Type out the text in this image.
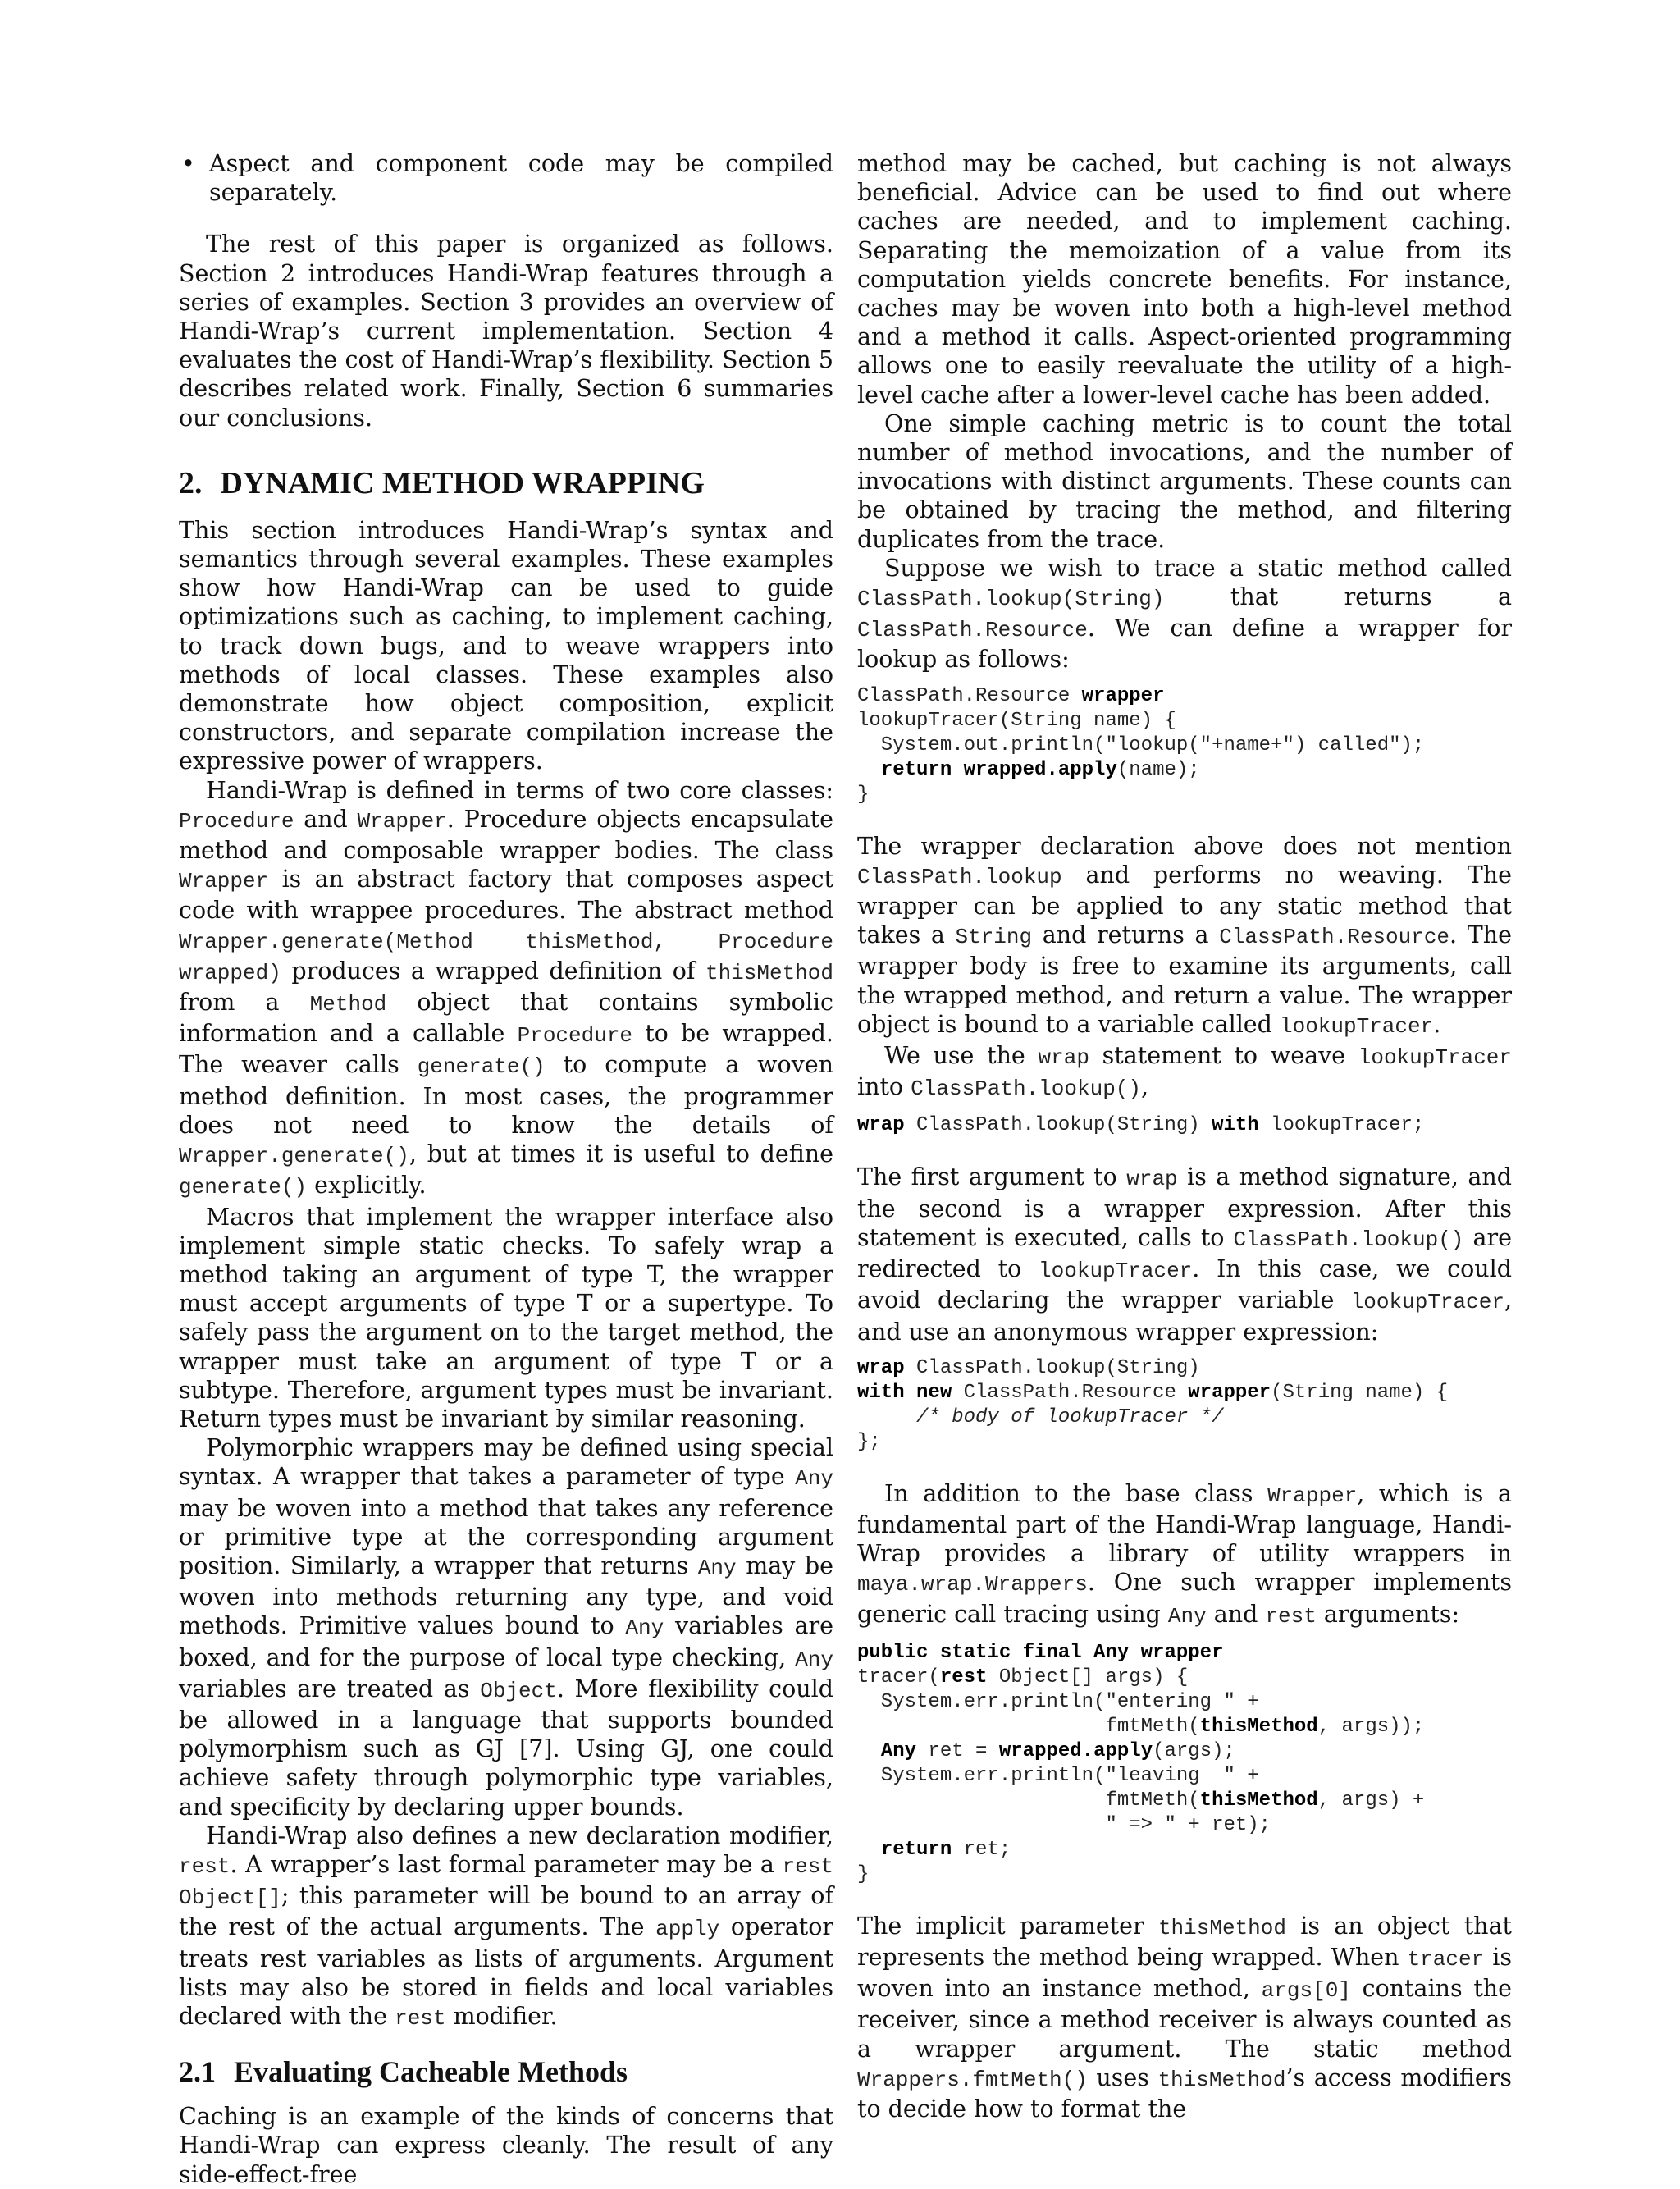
• Aspect and component code may be compiled separately.

The rest of this paper is organized as follows. Section 2 introduces Handi-Wrap features through a series of examples. Section 3 provides an overview of Handi-Wrap’s current implementation. Section 4 evaluates the cost of Handi-Wrap’s flexibility. Section 5 describes related work. Finally, Section 6 summaries our conclusions.

2. DYNAMIC METHOD WRAPPING

This section introduces Handi-Wrap’s syntax and semantics through several examples. These examples show how Handi-Wrap can be used to guide optimizations such as caching, to implement caching, to track down bugs, and to weave wrappers into methods of local classes. These examples also demonstrate how object composition, explicit constructors, and separate compilation increase the expressive power of wrappers.

Handi-Wrap is defined in terms of two core classes: Procedure and Wrapper. Procedure objects encapsulate method and composable wrapper bodies. The class Wrapper is an abstract factory that composes aspect code with wrappee procedures. The abstract method Wrapper.generate(Method thisMethod, Procedure wrapped) produces a wrapped definition of thisMethod from a Method object that contains symbolic information and a callable Procedure to be wrapped. The weaver calls generate() to compute a woven method definition. In most cases, the programmer does not need to know the details of Wrapper.generate(), but at times it is useful to define generate() explicitly.

Macros that implement the wrapper interface also implement simple static checks. To safely wrap a method taking an argument of type T, the wrapper must accept arguments of type T or a supertype. To safely pass the argument on to the target method, the wrapper must take an argument of type T or a subtype. Therefore, argument types must be invariant. Return types must be invariant by similar reasoning.

Polymorphic wrappers may be defined using special syntax. A wrapper that takes a parameter of type Any may be woven into a method that takes any reference or primitive type at the corresponding argument position. Similarly, a wrapper that returns Any may be woven into methods returning any type, and void methods. Primitive values bound to Any variables are boxed, and for the purpose of local type checking, Any variables are treated as Object. More flexibility could be allowed in a language that supports bounded polymorphism such as GJ [7]. Using GJ, one could achieve safety through polymorphic type variables, and specificity by declaring upper bounds.

Handi-Wrap also defines a new declaration modifier, rest. A wrapper’s last formal parameter may be a rest Object[]; this parameter will be bound to an array of the rest of the actual arguments. The apply operator treats rest variables as lists of arguments. Argument lists may also be stored in fields and local variables declared with the rest modifier.

2.1 Evaluating Cacheable Methods

Caching is an example of the kinds of concerns that Handi-Wrap can express cleanly. The result of any side-effect-free

method may be cached, but caching is not always beneficial. Advice can be used to find out where caches are needed, and to implement caching. Separating the memoization of a value from its computation yields concrete benefits. For instance, caches may be woven into both a high-level method and a method it calls. Aspect-oriented programming allows one to easily reevaluate the utility of a high-level cache after a lower-level cache has been added.

One simple caching metric is to count the total number of method invocations, and the number of invocations with distinct arguments. These counts can be obtained by tracing the method, and filtering duplicates from the trace.

Suppose we wish to trace a static method called ClassPath.lookup(String) that returns a ClassPath.Resource. We can define a wrapper for lookup as follows:

ClassPath.Resource wrapper
lookupTracer(String name) {
System.out.println("lookup("+name+") called");
return wrapped.apply(name);
}

The wrapper declaration above does not mention ClassPath.lookup and performs no weaving. The wrapper can be applied to any static method that takes a String and returns a ClassPath.Resource. The wrapper body is free to examine its arguments, call the wrapped method, and return a value. The wrapper object is bound to a variable called lookupTracer.

We use the wrap statement to weave lookupTracer into ClassPath.lookup(),

wrap ClassPath.lookup(String) with lookupTracer;

The first argument to wrap is a method signature, and the second is a wrapper expression. After this statement is executed, calls to ClassPath.lookup() are redirected to lookupTracer. In this case, we could avoid declaring the wrapper variable lookupTracer, and use an anonymous wrapper expression:

wrap ClassPath.lookup(String)
with new ClassPath.Resource wrapper(String name) {
/* body of lookupTracer */
};

In addition to the base class Wrapper, which is a fundamental part of the Handi-Wrap language, Handi-Wrap provides a library of utility wrappers in maya.wrap.Wrappers. One such wrapper implements generic call tracing using Any and rest arguments:

public static final Any wrapper
tracer(rest Object[] args) {
System.err.println("entering " +
fmtMeth(thisMethod, args));
Any ret = wrapped.apply(args);
System.err.println("leaving  " +
fmtMeth(thisMethod, args) +
" => " + ret);
return ret;
}

The implicit parameter thisMethod is an object that represents the method being wrapped. When tracer is woven into an instance method, args[0] contains the receiver, since a method receiver is always counted as a wrapper argument. The static method Wrappers.fmtMeth() uses thisMethod’s access modifiers to decide how to format the
